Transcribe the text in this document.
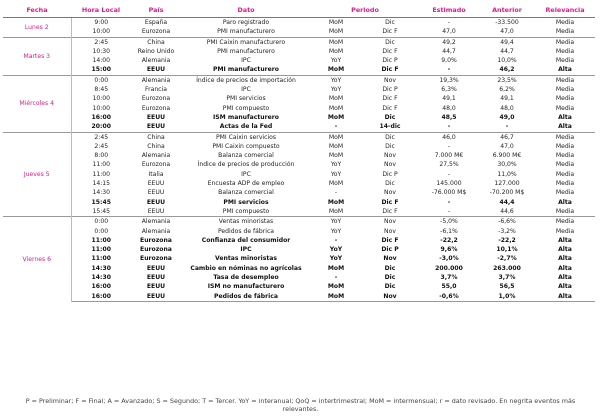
Fecha	Hora Local	País	Dato	Periodo		Estimado	Anterior	Relevancia
Lunes 2	9:00	España	Paro registrado	MoM	Dic	-	-33.500	Media
	10:00	Eurozona	PMI manufacturero	MoM	Dic F	47,0	47,0	Media
Martes 3	2:45	China	PMI Caixin manufacturero	MoM	Dic	49,2	49,4	Media
	10:30	Reino Unido	PMI manufacturero	MoM	Dic F	44,7	44,7	Media
	14:00	Alemania	IPC	YoY	Dic P	9,0%	10,0%	Media
	15:00	EEUU	PMI manufacturero	MoM	Dic F	-	46,2	Alta
Miércoles 4	0:00	Alemania	Índice de precios de importación	YoY	Nov	19,3%	23,5%	Media
	8:45	Francia	IPC	YoY	Dic P	6,3%	6,2%	Media
	10:00	Eurozona	PMI servicios	MoM	Dic F	49,1	49,1	Media
	10:00	Eurozona	PMI compuesto	MoM	Dic F	48,0	48,0	Media
	16:00	EEUU	ISM manufacturero	MoM	Dic	48,5	49,0	Alta
	20:00	EEUU	Actas de la Fed	-	14-dic	-	-	Alta
Jueves 5	2:45	China	PMI Caixin servicios	MoM	Dic	46,0	46,7	Media
	2:45	China	PMI Caixin compuesto	MoM	Dic	-	47,0	Media
	8:00	Alemania	Balanza comercial	MoM	Nov	7.000 M€	6.900 M€	Media
	11:00	Eurozona	Índice de precios de producción	YoY	Nov	27,5%	30,0%	Media
	11:00	Italia	IPC	YoY	Dic P	-	11,0%	Media
	14:15	EEUU	Encuesta ADP de empleo	MoM	Dic	145.000	127.000	Media
	14:30	EEUU	Balanza comercial	-	Nov	-76.000 M$	-70.200 M$	Media
	15:45	EEUU	PMI servicios	MoM	Dic F	-	44,4	Alta
	15:45	EEUU	PMI compuesto	MoM	Dic F	-	44,6	Media
Viernes 6	0:00	Alemania	Ventas minoristas	YoY	Nov	-5,0%	-6,6%	Media
	0:00	Alemania	Pedidos de fábrica	YoY	Nov	-6,1%	-3,2%	Media
	11:00	Eurozona	Confianza del consumidor	-	Dic F	-22,2	-22,2	Alta
	11:00	Eurozona	IPC	YoY	Dic P	9,6%	10,1%	Alta
	11:00	Eurozona	Ventas minoristas	YoY	Nov	-3,0%	-2,7%	Alta
	14:30	EEUU	Cambio en nóminas no agrícolas	MoM	Dic	200.000	263.000	Alta
	14:30	EEUU	Tasa de desempleo	-	Dic	3,7%	3,7%	Alta
	16:00	EEUU	ISM no manufacturero	MoM	Dic	55,0	56,5	Alta
	16:00	EEUU	Pedidos de fábrica	MoM	Nov	-0,6%	1,0%	Alta
P = Preliminar; F = Final; A = Avanzado; S = Segundo; T = Tercer. YoY = interanual; QoQ = intertrimestral; MoM = intermensual; r = dato revisado. En negrita eventos más relevantes.
